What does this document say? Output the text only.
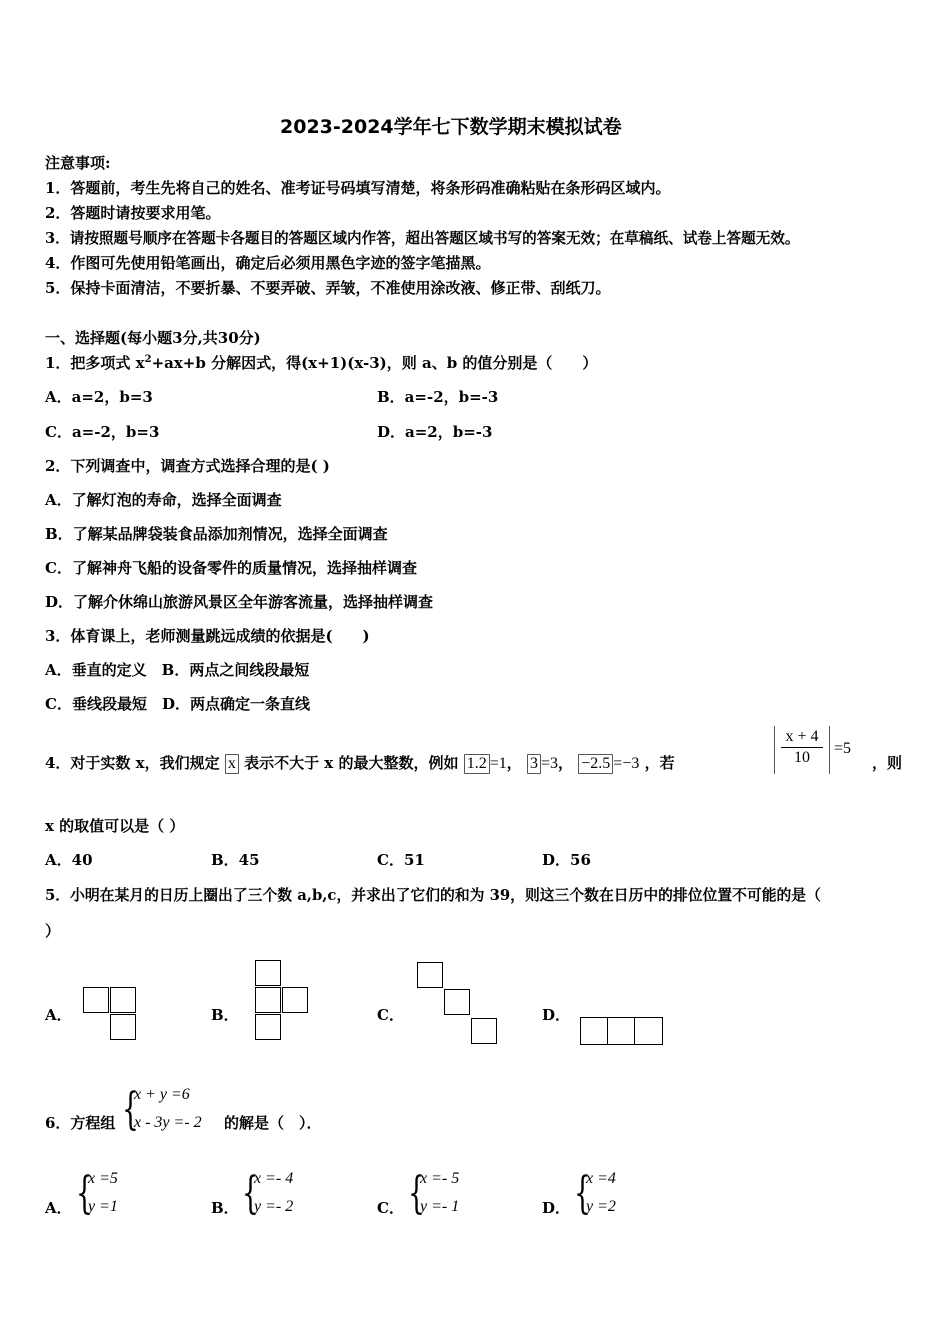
2023-2024学年七下数学期末模拟试卷
注意事项:
1．答题前，考生先将自己的姓名、准考证号码填写清楚，将条形码准确粘贴在条形码区域内。
2．答题时请按要求用笔。
3．请按照题号顺序在答题卡各题目的答题区域内作答，超出答题区域书写的答案无效；在草稿纸、试卷上答题无效。
4．作图可先使用铅笔画出，确定后必须用黑色字迹的签字笔描黑。
5．保持卡面清洁，不要折暴、不要弄破、弄皱，不准使用涂改液、修正带、刮纸刀。
一、选择题(每小题3分,共30分)
1．把多项式 $x^2+ax+b$ 分解因式，得(x+1)(x-3)，则 a、b 的值分别是（　　）
A．a=2，b=3	B．a=-2，b=-3
C．a=-2，b=3	D．a=2，b=-3
2．下列调查中，调查方式选择合理的是( )
A．了解灯泡的寿命，选择全面调查
B．了解某品牌袋装食品添加剂情况，选择全面调查
C．了解神舟飞船的设备零件的质量情况，选择抽样调查
D．了解介休绵山旅游风景区全年游客流量，选择抽样调查
3．体育课上，老师测量跳远成绩的依据是(　　)
A．垂直的定义　B．两点之间线段最短
C．垂线段最短　D．两点确定一条直线
4．对于实数 x，我们规定 x 表示不大于 x 的最大整数，例如 1.2 =1， 3 =3， −2.5 =−3 ，若
x + 4
10
=5
，则
x 的取值可以是（ ）
A．40	B．45	C．51	D．56
5．小明在某月的日历上圈出了三个数 a,b,c，并求出了它们的和为 39，则这三个数在日历中的排位位置不可能的是（
）
A．	B．	C．	D．
6．方程组 {
x + y =6
x - 3y =- 2 的解是（　）．
A． {
x =5
y =1	B． {
x =- 4
y =- 2	C． {
x =- 5
y =- 1	D． {
x =4
y =2
